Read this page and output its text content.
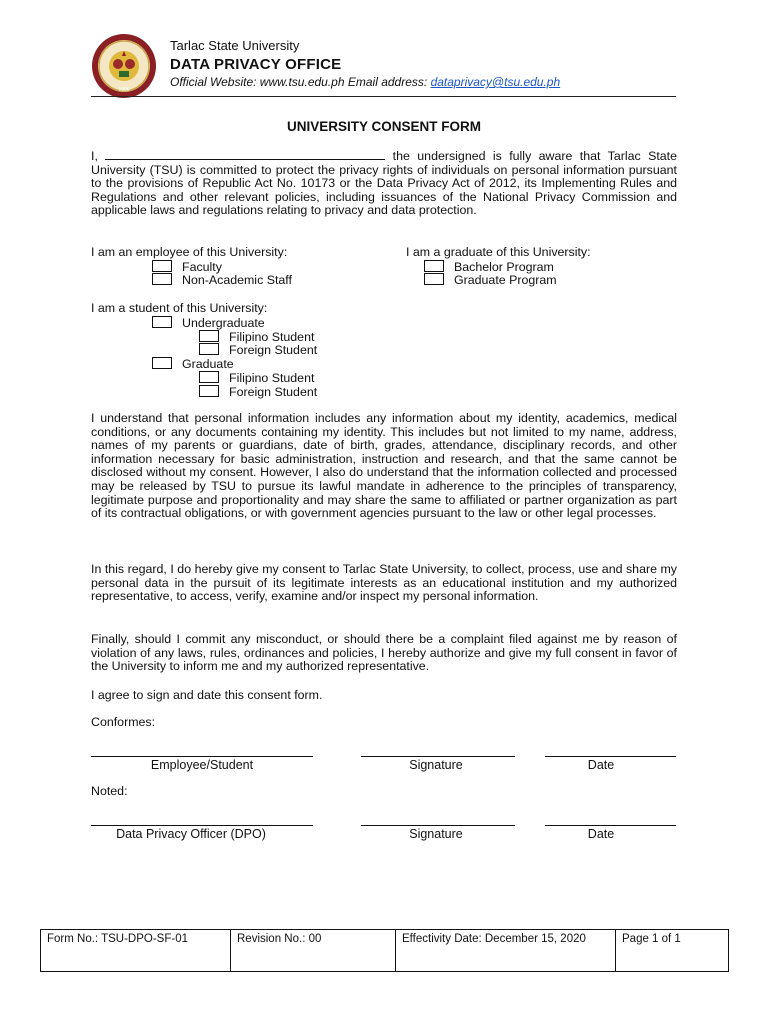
1906
Tarlac State University
DATA PRIVACY OFFICE
Official Website: www.tsu.edu.ph Email address: dataprivacy@tsu.edu.ph
UNIVERSITY CONSENT FORM

I,	the undersigned is fully aware that Tarlac State University (TSU) is committed to protect the privacy rights of individuals on personal information pursuant to the provisions of Republic Act No. 10173 or the Data Privacy Act of 2012, its Implementing Rules and Regulations and other relevant policies, including issuances of the National Privacy Commission and applicable laws and regulations relating to privacy and data protection.

I am an employee of this University:
Faculty
Non-Academic Staff
I am a graduate of this University:
Bachelor Program
Graduate Program
I am a student of this University:
Undergraduate
Filipino Student
Foreign Student
Graduate
Filipino Student
Foreign Student

I understand that personal information includes any information about my identity, academics, medical conditions, or any documents containing my identity. This includes but not limited to my name, address, names of my parents or guardians, date of birth, grades, attendance, disciplinary records, and other information necessary for basic administration, instruction and research, and that the same cannot be disclosed without my consent. However, I also do understand that the information collected and processed may be released by TSU to pursue its lawful mandate in adherence to the principles of transparency, legitimate purpose and proportionality and may share the same to affiliated or partner organization as part of its contractual obligations, or with government agencies pursuant to the law or other legal processes.

In this regard, I do hereby give my consent to Tarlac State University, to collect, process, use and share my personal data in the pursuit of its legitimate interests as an educational institution and my authorized representative, to access, verify, examine and/or inspect my personal information.

Finally, should I commit any misconduct, or should there be a complaint filed against me by reason of violation of any laws, rules, ordinances and policies, I hereby authorize and give my full consent in favor of the University to inform me and my authorized representative.

I agree to sign and date this consent form.

Conformes:
Employee/Student	Signature	Date
Noted:
Data Privacy Officer (DPO)	Signature	Date
Form No.: TSU-DPO-SF-01	Revision No.: 00	Effectivity Date: December 15, 2020	Page 1 of 1
